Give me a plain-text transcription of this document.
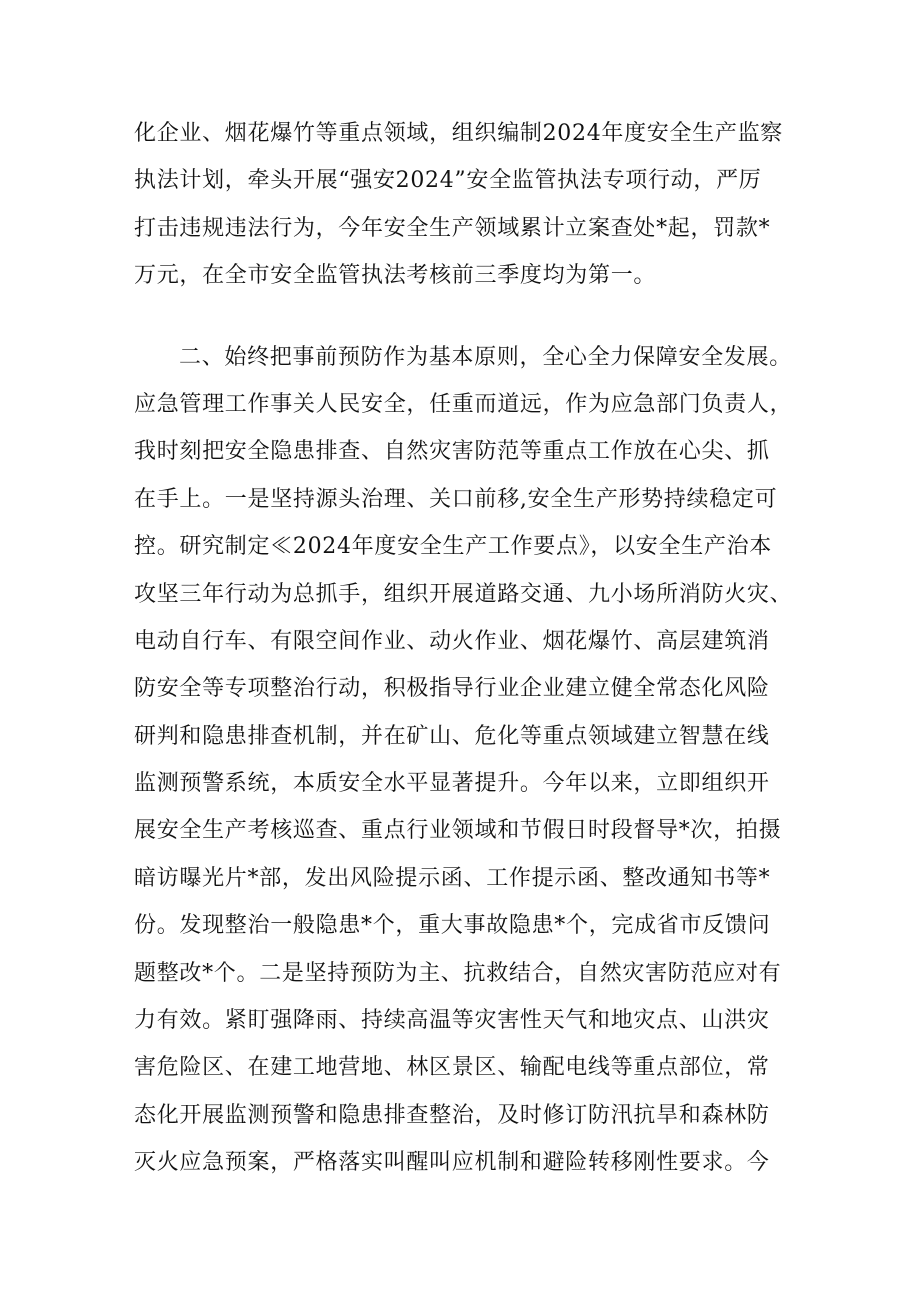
化企业、烟花爆竹等重点领域，组织编制2024年度安全生产监察
执法计划，牵头开展“强安2024”安全监管执法专项行动，严厉
打击违规违法行为，今年安全生产领域累计立案查处*起，罚款*
万元，在全市安全监管执法考核前三季度均为第一。
二、始终把事前预防作为基本原则，全心全力保障安全发展。
应急管理工作事关人民安全，任重而道远，作为应急部门负责人，
我时刻把安全隐患排查、自然灾害防范等重点工作放在心尖、抓
在手上。一是坚持源头治理、关口前移,安全生产形势持续稳定可
控。研究制定≪2024年度安全生产工作要点》，以安全生产治本
攻坚三年行动为总抓手，组织开展道路交通、九小场所消防火灾、
电动自行车、有限空间作业、动火作业、烟花爆竹、高层建筑消
防安全等专项整治行动，积极指导行业企业建立健全常态化风险
研判和隐患排查机制，并在矿山、危化等重点领域建立智慧在线
监测预警系统，本质安全水平显著提升。今年以来，立即组织开
展安全生产考核巡查、重点行业领域和节假日时段督导*次，拍摄
暗访曝光片*部，发出风险提示函、工作提示函、整改通知书等*
份。发现整治一般隐患*个，重大事故隐患*个，完成省市反馈问
题整改*个。二是坚持预防为主、抗救结合，自然灾害防范应对有
力有效。紧盯强降雨、持续高温等灾害性天气和地灾点、山洪灾
害危险区、在建工地营地、林区景区、输配电线等重点部位，常
态化开展监测预警和隐患排查整治，及时修订防汛抗旱和森林防
灭火应急预案，严格落实叫醒叫应机制和避险转移刚性要求。今
